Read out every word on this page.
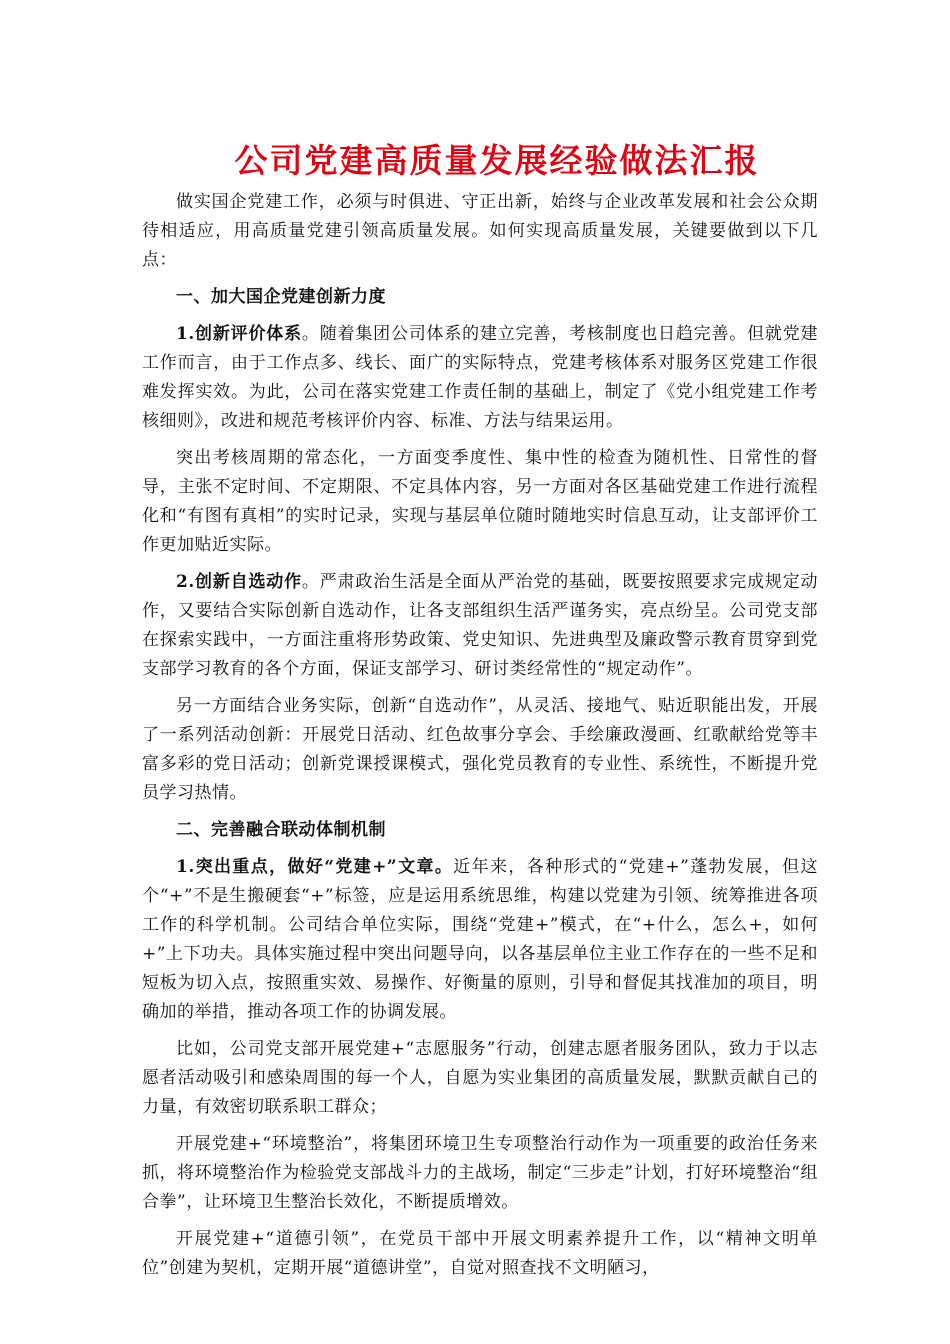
公司党建高质量发展经验做法汇报

做实国企党建工作，必须与时俱进、守正出新，始终与企业改革发展和社会公众期待相适应，用高质量党建引领高质量发展。如何实现高质量发展，关键要做到以下几点：

一、加大国企党建创新力度

1.创新评价体系。随着集团公司体系的建立完善，考核制度也日趋完善。但就党建工作而言，由于工作点多、线长、面广的实际特点，党建考核体系对服务区党建工作很难发挥实效。为此，公司在落实党建工作责任制的基础上，制定了《党小组党建工作考核细则》，改进和规范考核评价内容、标准、方法与结果运用。

突出考核周期的常态化，一方面变季度性、集中性的检查为随机性、日常性的督导，主张不定时间、不定期限、不定具体内容，另一方面对各区基础党建工作进行流程化和“有图有真相”的实时记录，实现与基层单位随时随地实时信息互动，让支部评价工作更加贴近实际。

2.创新自选动作。严肃政治生活是全面从严治党的基础，既要按照要求完成规定动作，又要结合实际创新自选动作，让各支部组织生活严谨务实，亮点纷呈。公司党支部在探索实践中，一方面注重将形势政策、党史知识、先进典型及廉政警示教育贯穿到党支部学习教育的各个方面，保证支部学习、研讨类经常性的“规定动作”。

另一方面结合业务实际，创新“自选动作”，从灵活、接地气、贴近职能出发，开展了一系列活动创新：开展党日活动、红色故事分享会、手绘廉政漫画、红歌献给党等丰富多彩的党日活动；创新党课授课模式，强化党员教育的专业性、系统性，不断提升党员学习热情。

二、完善融合联动体制机制

1.突出重点，做好“党建+”文章。近年来，各种形式的“党建+”蓬勃发展，但这个“+”不是生搬硬套“+”标签，应是运用系统思维，构建以党建为引领、统筹推进各项工作的科学机制。公司结合单位实际，围绕“党建+”模式，在“+什么，怎么+，如何+”上下功夫。具体实施过程中突出问题导向，以各基层单位主业工作存在的一些不足和短板为切入点，按照重实效、易操作、好衡量的原则，引导和督促其找准加的项目，明确加的举措，推动各项工作的协调发展。

比如，公司党支部开展党建+“志愿服务”行动，创建志愿者服务团队，致力于以志愿者活动吸引和感染周围的每一个人，自愿为实业集团的高质量发展，默默贡献自己的力量，有效密切联系职工群众；

开展党建+“环境整治”，将集团环境卫生专项整治行动作为一项重要的政治任务来抓，将环境整治作为检验党支部战斗力的主战场，制定“三步走”计划，打好环境整治“组合拳”，让环境卫生整治长效化，不断提质增效。

开展党建+“道德引领”，在党员干部中开展文明素养提升工作，以“精神文明单位”创建为契机，定期开展“道德讲堂”，自觉对照查找不文明陋习，
